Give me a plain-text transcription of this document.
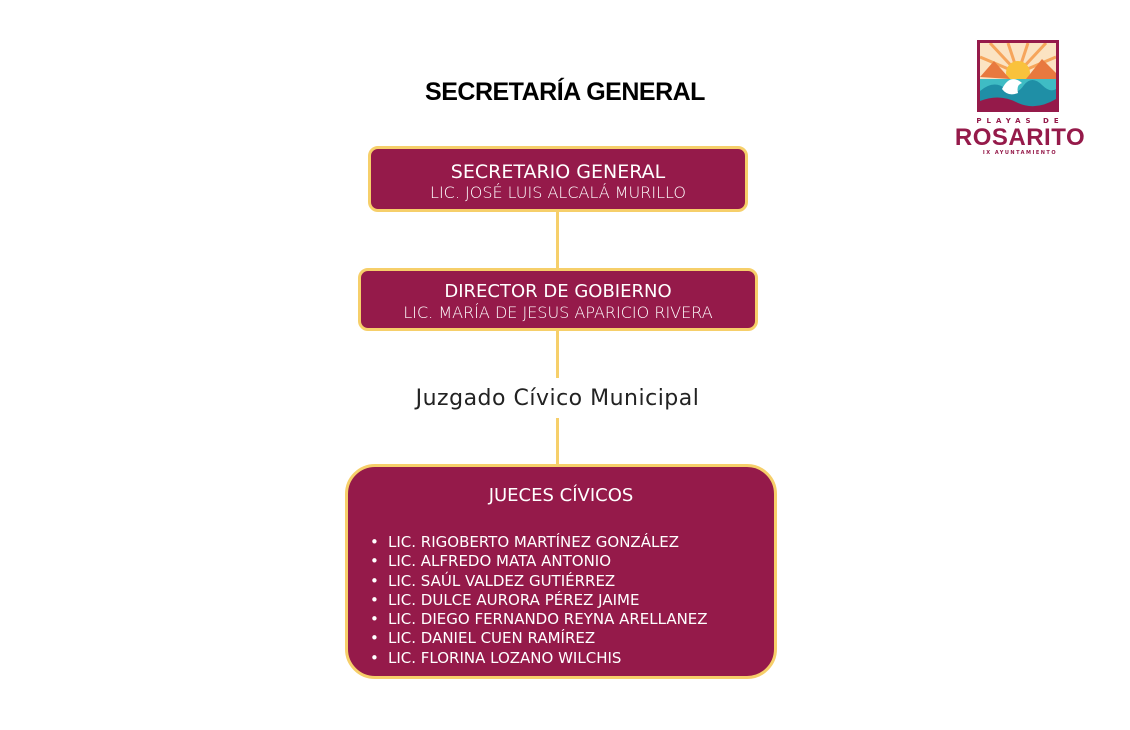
SECRETARÍA GENERAL
PLAYAS DE
ROSARITO
IX AYUNTAMIENTO
SECRETARIO GENERAL
LIC. JOSÉ LUIS ALCALÁ MURILLO
DIRECTOR DE GOBIERNO
LIC. MARÍA DE JESUS APARICIO RIVERA
Juzgado Cívico Municipal
JUECES CÍVICOS
• LIC. RIGOBERTO MARTÍNEZ GONZÁLEZ
• LIC. ALFREDO MATA ANTONIO
• LIC. SAÚL VALDEZ GUTIÉRREZ
• LIC. DULCE AURORA PÉREZ JAIME
• LIC. DIEGO FERNANDO REYNA ARELLANEZ
• LIC. DANIEL CUEN RAMÍREZ
• LIC. FLORINA LOZANO WILCHIS
